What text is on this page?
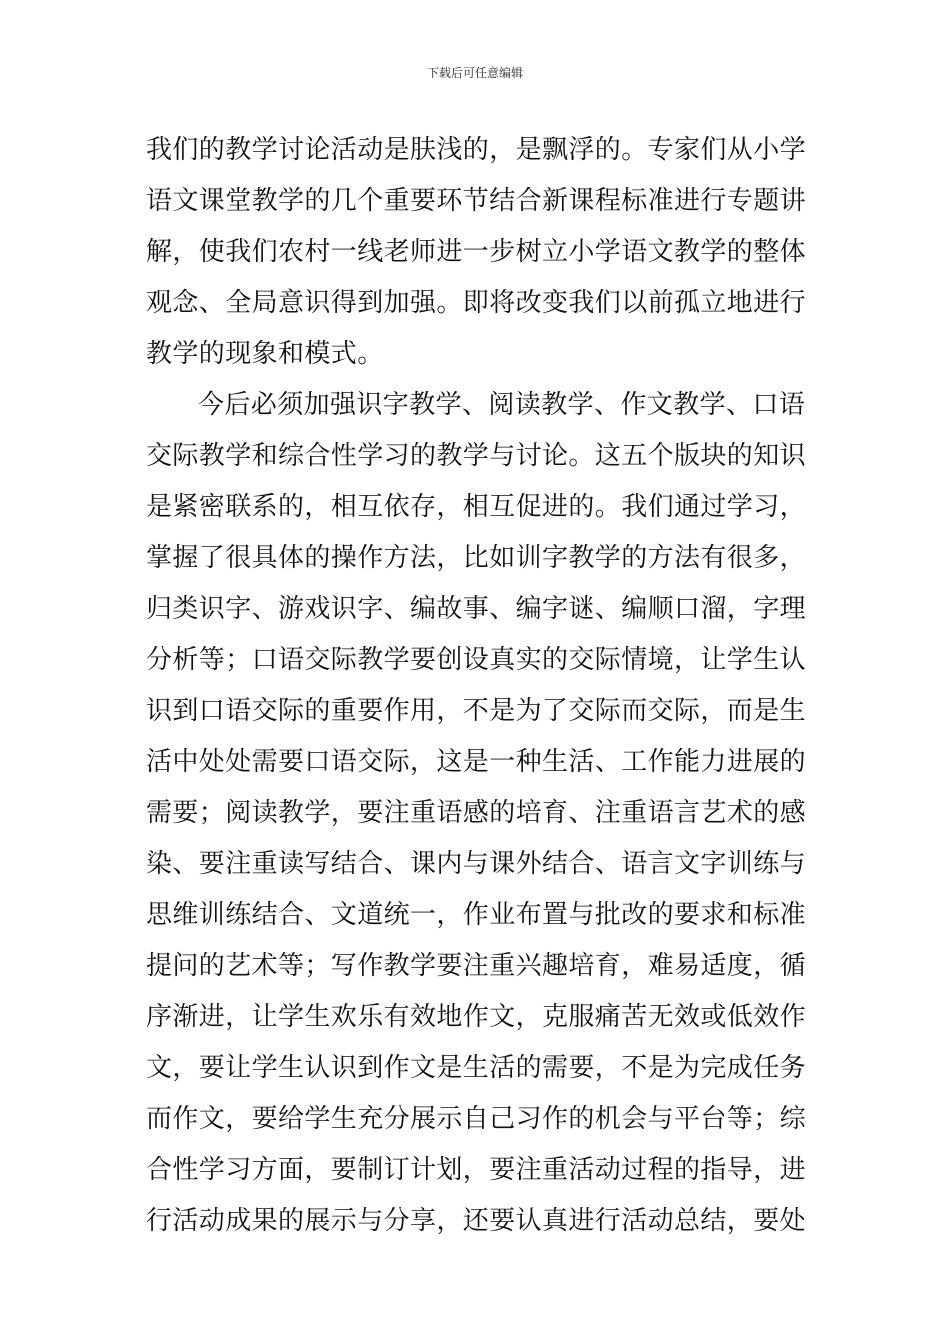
下载后可任意编辑
我们的教学讨论活动是肤浅的，是飘浮的。专家们从小学
语文课堂教学的几个重要环节结合新课程标准进行专题讲
解，使我们农村一线老师进一步树立小学语文教学的整体
观念、全局意识得到加强。即将改变我们以前孤立地进行
教学的现象和模式。
今后必须加强识字教学、阅读教学、作文教学、口语
交际教学和综合性学习的教学与讨论。这五个版块的知识
是紧密联系的，相互依存，相互促进的。我们通过学习，
掌握了很具体的操作方法，比如训字教学的方法有很多，
归类识字、游戏识字、编故事、编字谜、编顺口溜，字理
分析等；口语交际教学要创设真实的交际情境，让学生认
识到口语交际的重要作用，不是为了交际而交际，而是生
活中处处需要口语交际，这是一种生活、工作能力进展的
需要；阅读教学，要注重语感的培育、注重语言艺术的感
染、要注重读写结合、课内与课外结合、语言文字训练与
思维训练结合、文道统一，作业布置与批改的要求和标准
提问的艺术等；写作教学要注重兴趣培育，难易适度，循
序渐进，让学生欢乐有效地作文，克服痛苦无效或低效作
文，要让学生认识到作文是生活的需要，不是为完成任务
而作文，要给学生充分展示自己习作的机会与平台等；综
合性学习方面，要制订计划，要注重活动过程的指导，进
行活动成果的展示与分享，还要认真进行活动总结，要处
